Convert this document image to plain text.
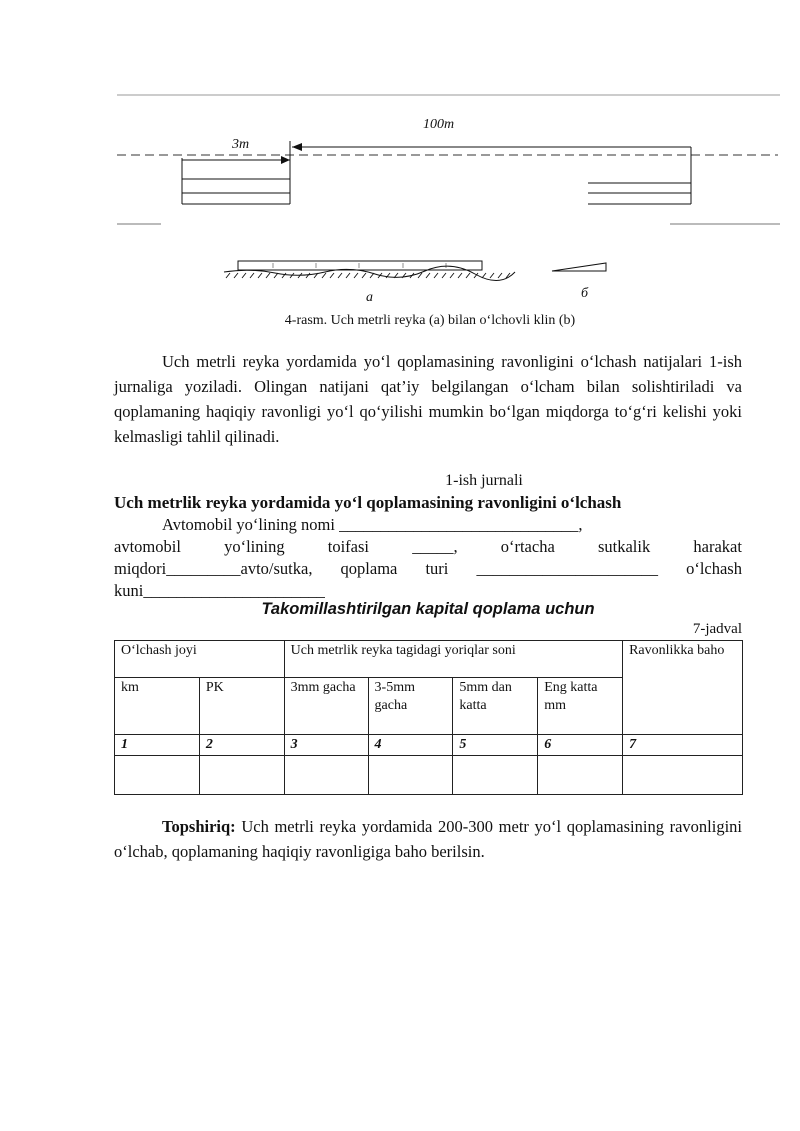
100m
3m
a	б
4-rasm. Uch metrli reyka (a) bilan o‘lchovli klin (b)
Uch metrli reyka yordamida yo‘l qoplamasining ravonligini o‘lchash natijalari 1-ish jurnaliga yoziladi. Olingan natijani qat’iy belgilangan o‘lcham bilan solishtiriladi va qoplamaning haqiqiy ravonligi yo‘l qo‘yilishi mumkin bo‘lgan miqdorga to‘g‘ri kelishi yoki kelmasligi tahlil qilinadi.
1-ish jurnali
Uch metrlik reyka yordamida yo‘l qoplamasining ravonligini o‘lchash
Avtomobil yo‘lining nomi _____________________________,
avtomobil	yo‘lining	toifasi	_____,	o‘rtacha	sutkalik	harakat
miqdori_________avto/sutka, qoplama turi ______________________ o‘lchash
kuni______________________
Takomillashtirilgan kapital qoplama uchun
7-jadval
O‘lchash joyi		Uch metrlik reyka tagidagi yoriqlar soni				Ravonlikka baho
km	PK	3mm gacha	3-5mm gacha	5mm dan katta	Eng katta mm	
1	2	3	4	5	6	7

Topshiriq: Uch metrli reyka yordamida 200-300 metr yo‘l qoplamasining ravonligini o‘lchab, qoplamaning haqiqiy ravonligiga baho berilsin.
